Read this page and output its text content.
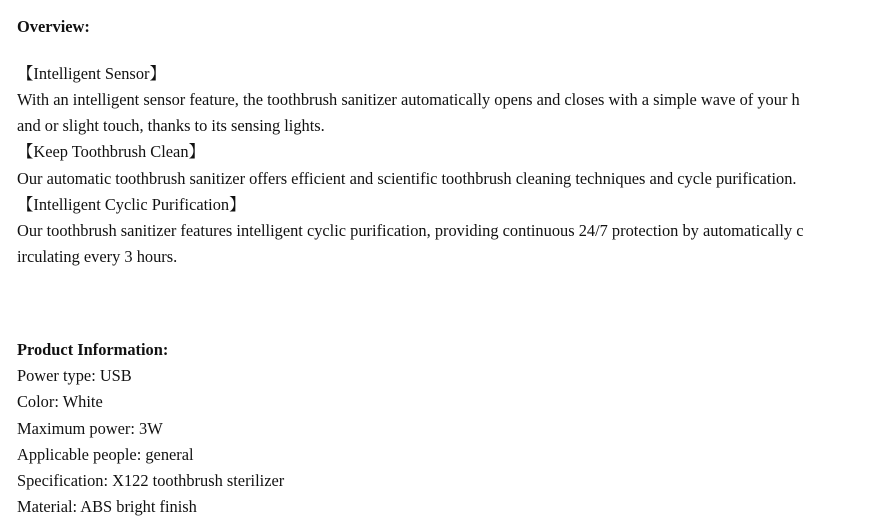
Overview:
【Intelligent Sensor】
With an intelligent sensor feature, the toothbrush sanitizer automatically opens and closes with a simple wave of your h
and or slight touch, thanks to its sensing lights.
【Keep Toothbrush Clean】
Our automatic toothbrush sanitizer offers efficient and scientific toothbrush cleaning techniques and cycle purification.
【Intelligent Cyclic Purification】
Our toothbrush sanitizer features intelligent cyclic purification, providing continuous 24/7 protection by automatically c
irculating every 3 hours.
Product Information:
Power type: USB
Color: White
Maximum power: 3W
Applicable people: general
Specification: X122 toothbrush sterilizer
Material: ABS bright finish
